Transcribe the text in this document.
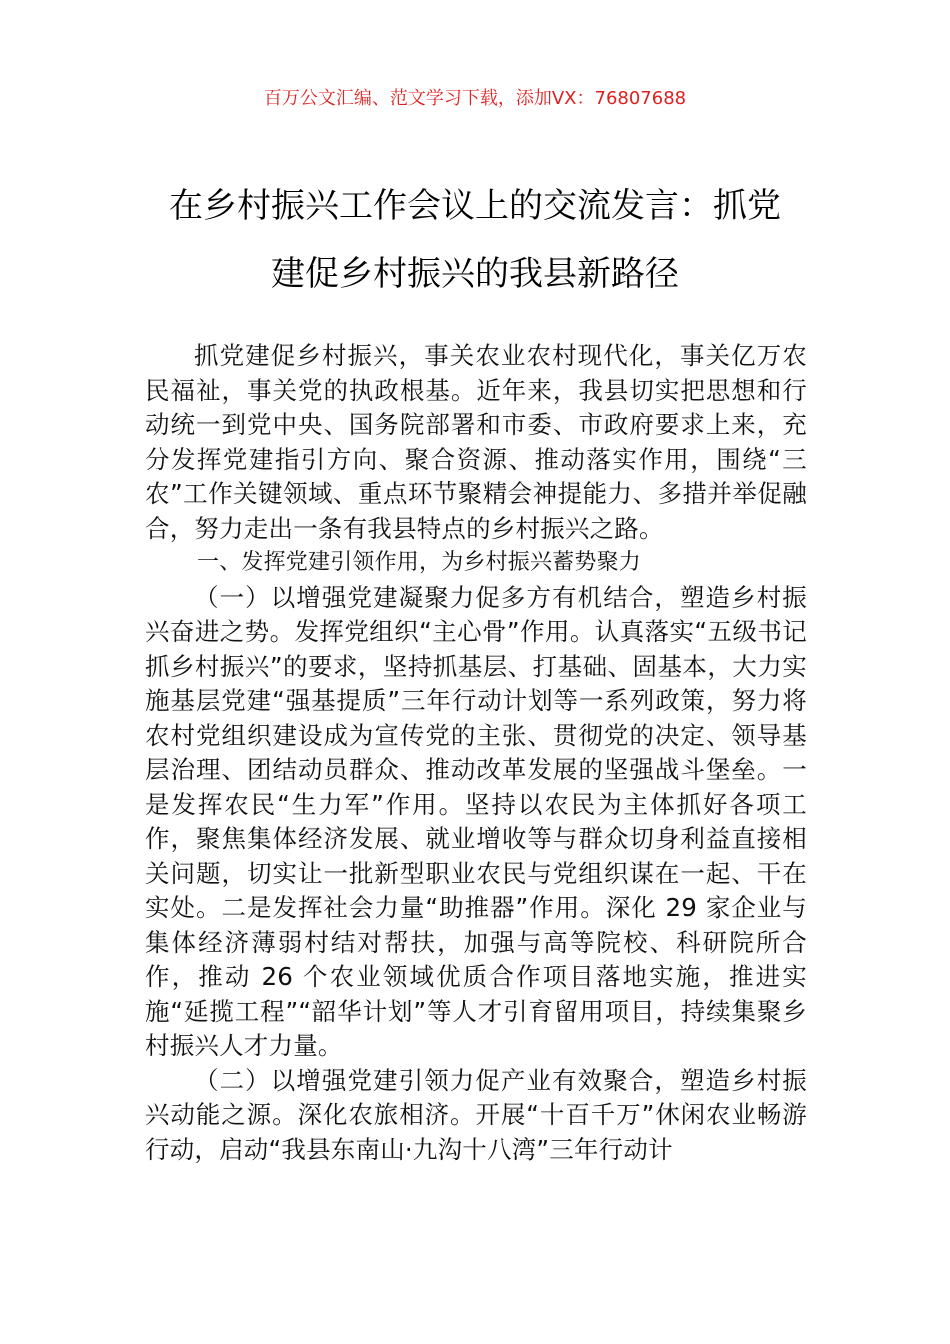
百万公文汇编、范文学习下载，添加VX：76807688
在乡村振兴工作会议上的交流发言：抓党
建促乡村振兴的我县新路径

抓党建促乡村振兴，事关农业农村现代化，事关亿万农民福祉，事关党的执政根基。近年来，我县切实把思想和行动统一到党中央、国务院部署和市委、市政府要求上来，充分发挥党建指引方向、聚合资源、推动落实作用，围绕“三农”工作关键领域、重点环节聚精会神提能力、多措并举促融合，努力走出一条有我县特点的乡村振兴之路。

一、发挥党建引领作用，为乡村振兴蓄势聚力

（一）以增强党建凝聚力促多方有机结合，塑造乡村振兴奋进之势。发挥党组织“主心骨”作用。认真落实“五级书记抓乡村振兴”的要求，坚持抓基层、打基础、固基本，大力实施基层党建“强基提质”三年行动计划等一系列政策，努力将农村党组织建设成为宣传党的主张、贯彻党的决定、领导基层治理、团结动员群众、推动改革发展的坚强战斗堡垒。一是发挥农民“生力军”作用。坚持以农民为主体抓好各项工作，聚焦集体经济发展、就业增收等与群众切身利益直接相关问题，切实让一批新型职业农民与党组织谋在一起、干在实处。二是发挥社会力量“助推器”作用。深化 29 家企业与集体经济薄弱村结对帮扶，加强与高等院校、科研院所合作，推动 26 个农业领域优质合作项目落地实施，推进实施“延揽工程”“韶华计划”等人才引育留用项目，持续集聚乡村振兴人才力量。

（二）以增强党建引领力促产业有效聚合，塑造乡村振兴动能之源。深化农旅相济。开展“十百千万”休闲农业畅游行动，启动“我县东南山·九沟十八湾”三年行动计
